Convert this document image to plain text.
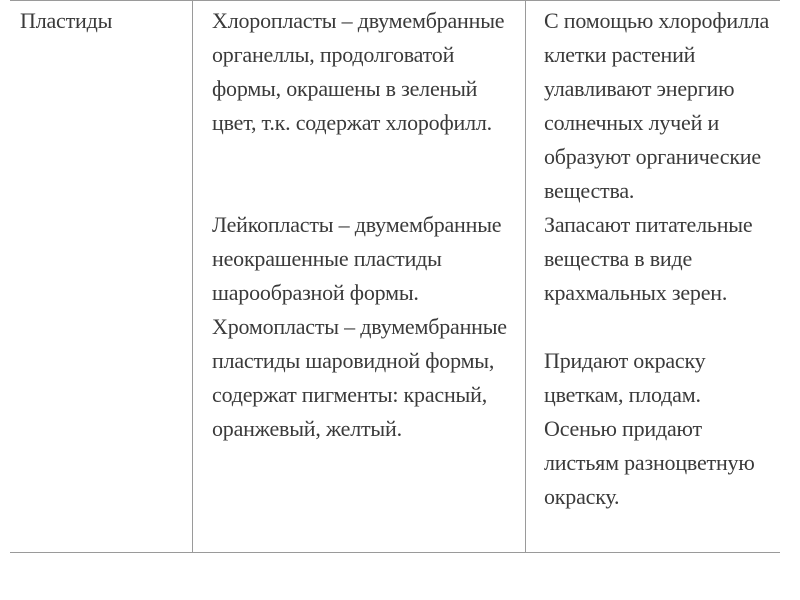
Пластиды	Хлоропласты – двумембранные
органеллы, продолговатой
формы, окрашены в зеленый
цвет, т.к. содержат хлорофилл.

Лейкопласты – двумембранные
неокрашенные пластиды
шарообразной формы.

Хромопласты – двумембранные
пластиды шаровидной формы,
содержат пигменты: красный,
оранжевый, желтый.

С помощью хлорофилла
клетки растений
улавливают энергию
солнечных лучей и
образуют органические
вещества.

Запасают питательные
вещества в виде
крахмальных зерен.

Придают окраску
цветкам, плодам.
Осенью придают
листьям разноцветную
окраску.
